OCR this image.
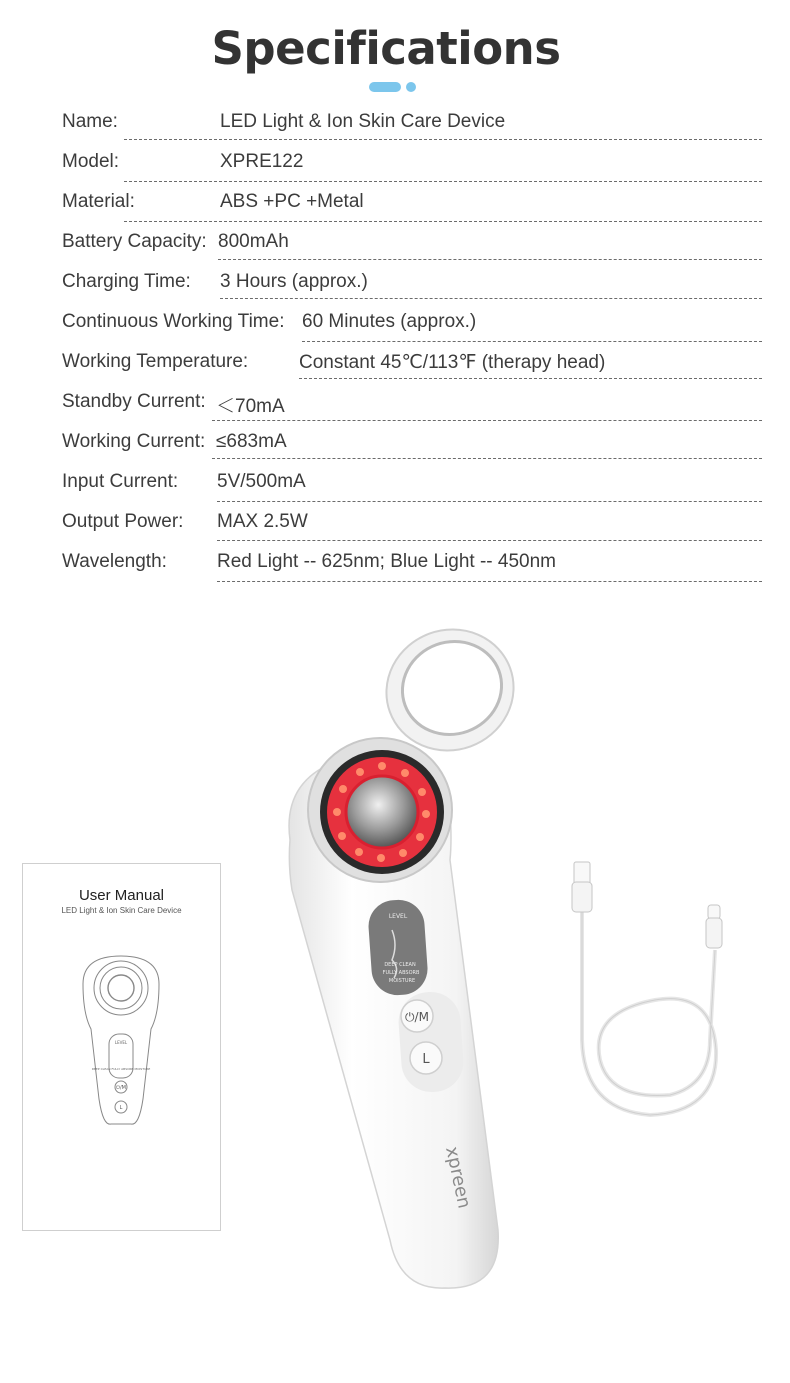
Specifications
Name:	LED Light & Ion Skin Care Device
Model:	XPRE122
Material:	ABS +PC +Metal
Battery Capacity: 800mAh
Charging Time: 3 Hours (approx.)
Continuous Working Time: 60 Minutes (approx.)
Working Temperature:	Constant 45℃/113℉ (therapy head)
Standby Current: ＜70mA
Working Current: ≤683mA
Input Current: 5V/500mA
Output Power: MAX 2.5W
Wavelength:	Red Light -- 625nm; Blue Light -- 450nm
User Manual
LED Light & Ion Skin Care Device
LEVEL
DEEP CLEAN FULLY ABSORB MOISTURE
⏻/M
L
LEVEL
DEEP CLEAN
FULLY ABSORB
MOISTURE
⏻/M
L
xpreen
